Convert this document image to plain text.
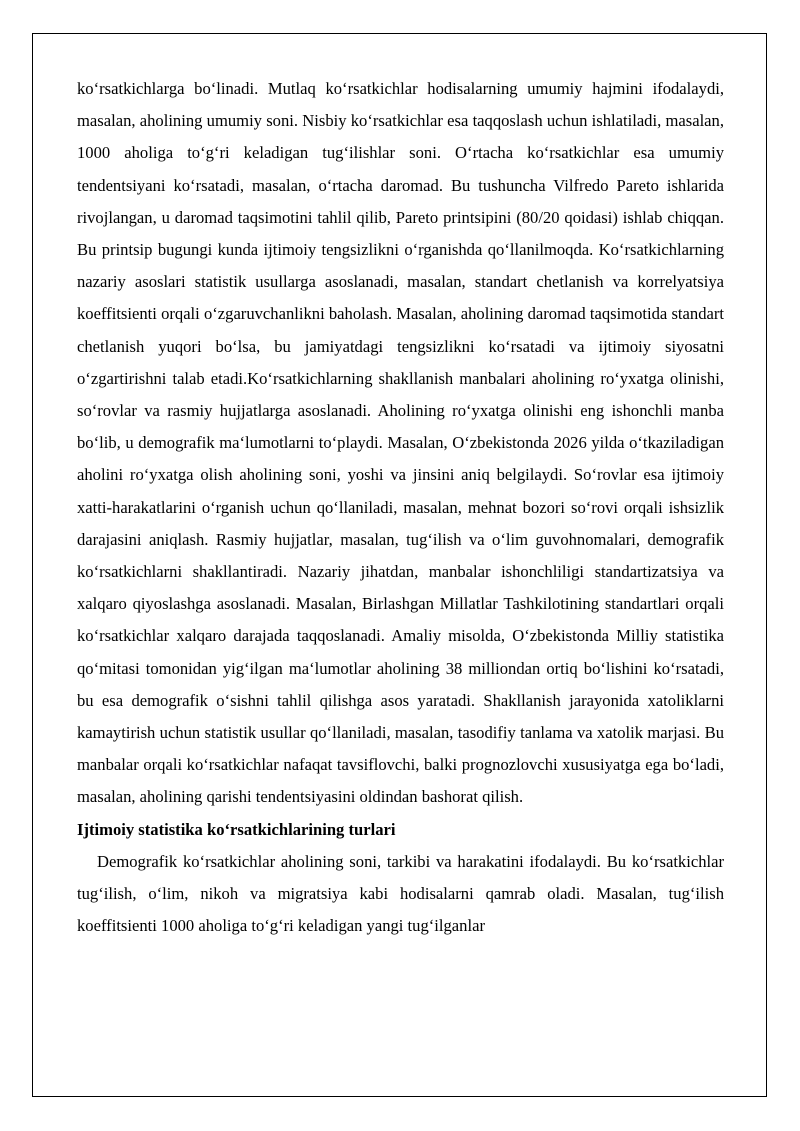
ko‘rsatkichlarga bo‘linadi. Mutlaq ko‘rsatkichlar hodisalarning umumiy hajmini ifodalaydi, masalan, aholining umumiy soni. Nisbiy ko‘rsatkichlar esa taqqoslash uchun ishlatiladi, masalan, 1000 aholiga to‘g‘ri keladigan tug‘ilishlar soni. O‘rtacha ko‘rsatkichlar esa umumiy tendentsiyani ko‘rsatadi, masalan, o‘rtacha daromad. Bu tushuncha Vilfredo Pareto ishlarida rivojlangan, u daromad taqsimotini tahlil qilib, Pareto printsipini (80/20 qoidasi) ishlab chiqqan. Bu printsip bugungi kunda ijtimoiy tengsizlikni o‘rganishda qo‘llanilmoqda. Ko‘rsatkichlarning nazariy asoslari statistik usullarga asoslanadi, masalan, standart chetlanish va korrelyatsiya koeffitsienti orqali o‘zgaruvchanlikni baholash. Masalan, aholining daromad taqsimotida standart chetlanish yuqori bo‘lsa, bu jamiyatdagi tengsizlikni ko‘rsatadi va ijtimoiy siyosatni o‘zgartirishni talab etadi.Ko‘rsatkichlarning shakllanish manbalari aholining ro‘yxatga olinishi, so‘rovlar va rasmiy hujjatlarga asoslanadi. Aholining ro‘yxatga olinishi eng ishonchli manba bo‘lib, u demografik ma‘lumotlarni to‘playdi. Masalan, O‘zbekistonda 2026 yilda o‘tkaziladigan aholini ro‘yxatga olish aholining soni, yoshi va jinsini aniq belgilaydi. So‘rovlar esa ijtimoiy xatti-harakatlarini o‘rganish uchun qo‘llaniladi, masalan, mehnat bozori so‘rovi orqali ishsizlik darajasini aniqlash. Rasmiy hujjatlar, masalan, tug‘ilish va o‘lim guvohnomalari, demografik ko‘rsatkichlarni shakllantiradi. Nazariy jihatdan, manbalar ishonchliligi standartizatsiya va xalqaro qiyoslashga asoslanadi. Masalan, Birlashgan Millatlar Tashkilotining standartlari orqali ko‘rsatkichlar xalqaro darajada taqqoslanadi. Amaliy misolda, O‘zbekistonda Milliy statistika qo‘mitasi tomonidan yig‘ilgan ma‘lumotlar aholining 38 milliondan ortiq bo‘lishini ko‘rsatadi, bu esa demografik o‘sishni tahlil qilishga asos yaratadi. Shakllanish jarayonida xatoliklarni kamaytirish uchun statistik usullar qo‘llaniladi, masalan, tasodifiy tanlama va xatolik marjasi. Bu manbalar orqali ko‘rsatkichlar nafaqat tavsiflovchi, balki prognozlovchi xususiyatga ega bo‘ladi, masalan, aholining qarishi tendentsiyasini oldindan bashorat qilish.

Ijtimoiy statistika ko‘rsatkichlarining turlari

Demografik ko‘rsatkichlar aholining soni, tarkibi va harakatini ifodalaydi. Bu ko‘rsatkichlar tug‘ilish, o‘lim, nikoh va migratsiya kabi hodisalarni qamrab oladi. Masalan, tug‘ilish koeffitsienti 1000 aholiga to‘g‘ri keladigan yangi tug‘ilganlar
